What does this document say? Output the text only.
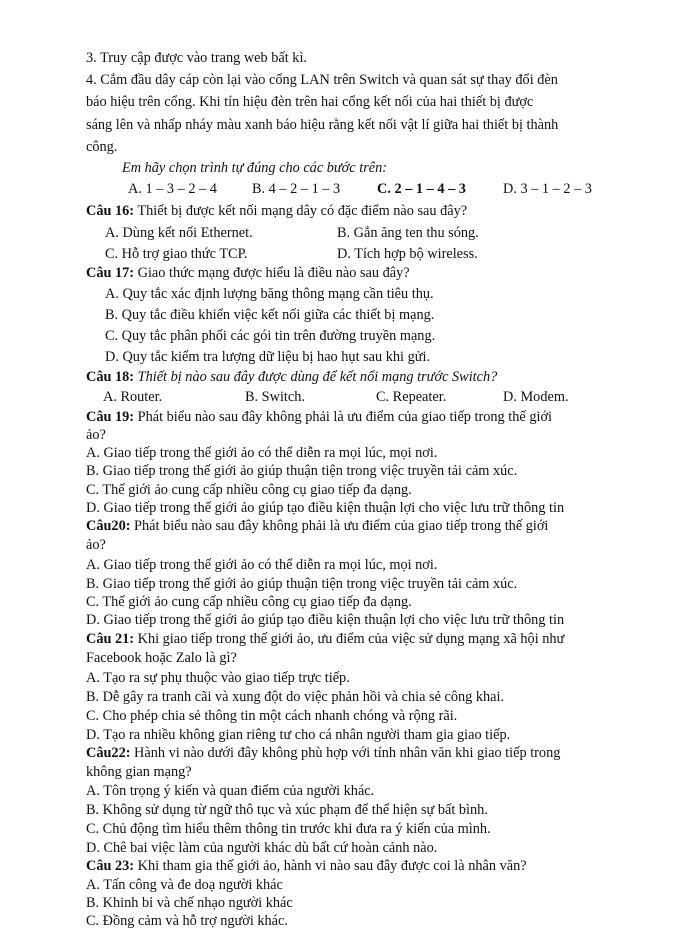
3. Truy cập được vào trang web bất kì.
4. Cắm đầu dây cáp còn lại vào cổng LAN trên Switch và quan sát sự thay đổi đèn
báo hiệu trên cổng. Khi tín hiệu đèn trên hai cổng kết nối của hai thiết bị được
sáng lên và nhấp nháy màu xanh báo hiệu rằng kết nối vật lí giữa hai thiết bị thành
công.
Em hãy chọn trình tự đúng cho các bước trên:
A. 1 – 3 – 2 – 4 B. 4 – 2 – 1 – 3	C. 2 – 1 – 4 – 3	D. 3 – 1 – 2 – 3
Câu 16: Thiết bị được kết nối mạng dây có đặc điểm nào sau đây?
A. Dùng kết nối Ethernet.	B. Gắn ăng ten thu sóng.
C. Hỗ trợ giao thức TCP.	D. Tích hợp bộ wireless.
Câu 17: Giao thức mạng được hiểu là điều nào sau đây?
A. Quy tắc xác định lượng băng thông mạng cần tiêu thụ.
B. Quy tắc điều khiển việc kết nối giữa các thiết bị mạng.
C. Quy tắc phân phối các gói tin trên đường truyền mạng.
D. Quy tắc kiểm tra lượng dữ liệu bị hao hụt sau khi gửi.
Câu 18: Thiết bị nào sau đây được dùng để kết nối mạng trước Switch?
A. Router.	B. Switch.	C. Repeater.	D. Modem.
Câu 19: Phát biểu nào sau đây không phải là ưu điểm của giao tiếp trong thế giới
ảo?
A. Giao tiếp trong thế giới ảo có thể diễn ra mọi lúc, mọi nơi.
B. Giao tiếp trong thế giới ảo giúp thuận tiện trong việc truyền tải cảm xúc.
C. Thế giới ảo cung cấp nhiều công cụ giao tiếp đa dạng.
D. Giao tiếp trong thế giới ảo giúp tạo điều kiện thuận lợi cho việc lưu trữ thông tin
Câu20: Phát biểu nào sau đây không phải là ưu điểm của giao tiếp trong thế giới
ảo?
A. Giao tiếp trong thế giới ảo có thể diễn ra mọi lúc, mọi nơi.
B. Giao tiếp trong thế giới ảo giúp thuận tiện trong việc truyền tải cảm xúc.
C. Thế giới ảo cung cấp nhiều công cụ giao tiếp đa dạng.
D. Giao tiếp trong thế giới ảo giúp tạo điều kiện thuận lợi cho việc lưu trữ thông tin
Câu 21: Khi giao tiếp trong thế giới ảo, ưu điểm của việc sử dụng mạng xã hội như
Facebook hoặc Zalo là gì?
A. Tạo ra sự phụ thuộc vào giao tiếp trực tiếp.
B. Dễ gây ra tranh cãi và xung đột do việc phản hồi và chia sẻ công khai.
C. Cho phép chia sẻ thông tin một cách nhanh chóng và rộng rãi.
D. Tạo ra nhiều không gian riêng tư cho cá nhân người tham gia giao tiếp.
Câu22: Hành vi nào dưới đây không phù hợp với tính nhân văn khi giao tiếp trong
không gian mạng?
A. Tôn trọng ý kiến và quan điểm của người khác.
B. Không sử dụng từ ngữ thô tục và xúc phạm để thể hiện sự bất bình.
C. Chủ động tìm hiểu thêm thông tin trước khi đưa ra ý kiến của mình.
D. Chê bai việc làm của người khác dù bất cứ hoàn cảnh nào.
Câu 23: Khi tham gia thế giới ảo, hành vi nào sau đây được coi là nhân văn?
A. Tấn công và đe doạ người khác
B. Khinh bỉ và chế nhạo người khác
C. Đồng cảm và hỗ trợ người khác.
